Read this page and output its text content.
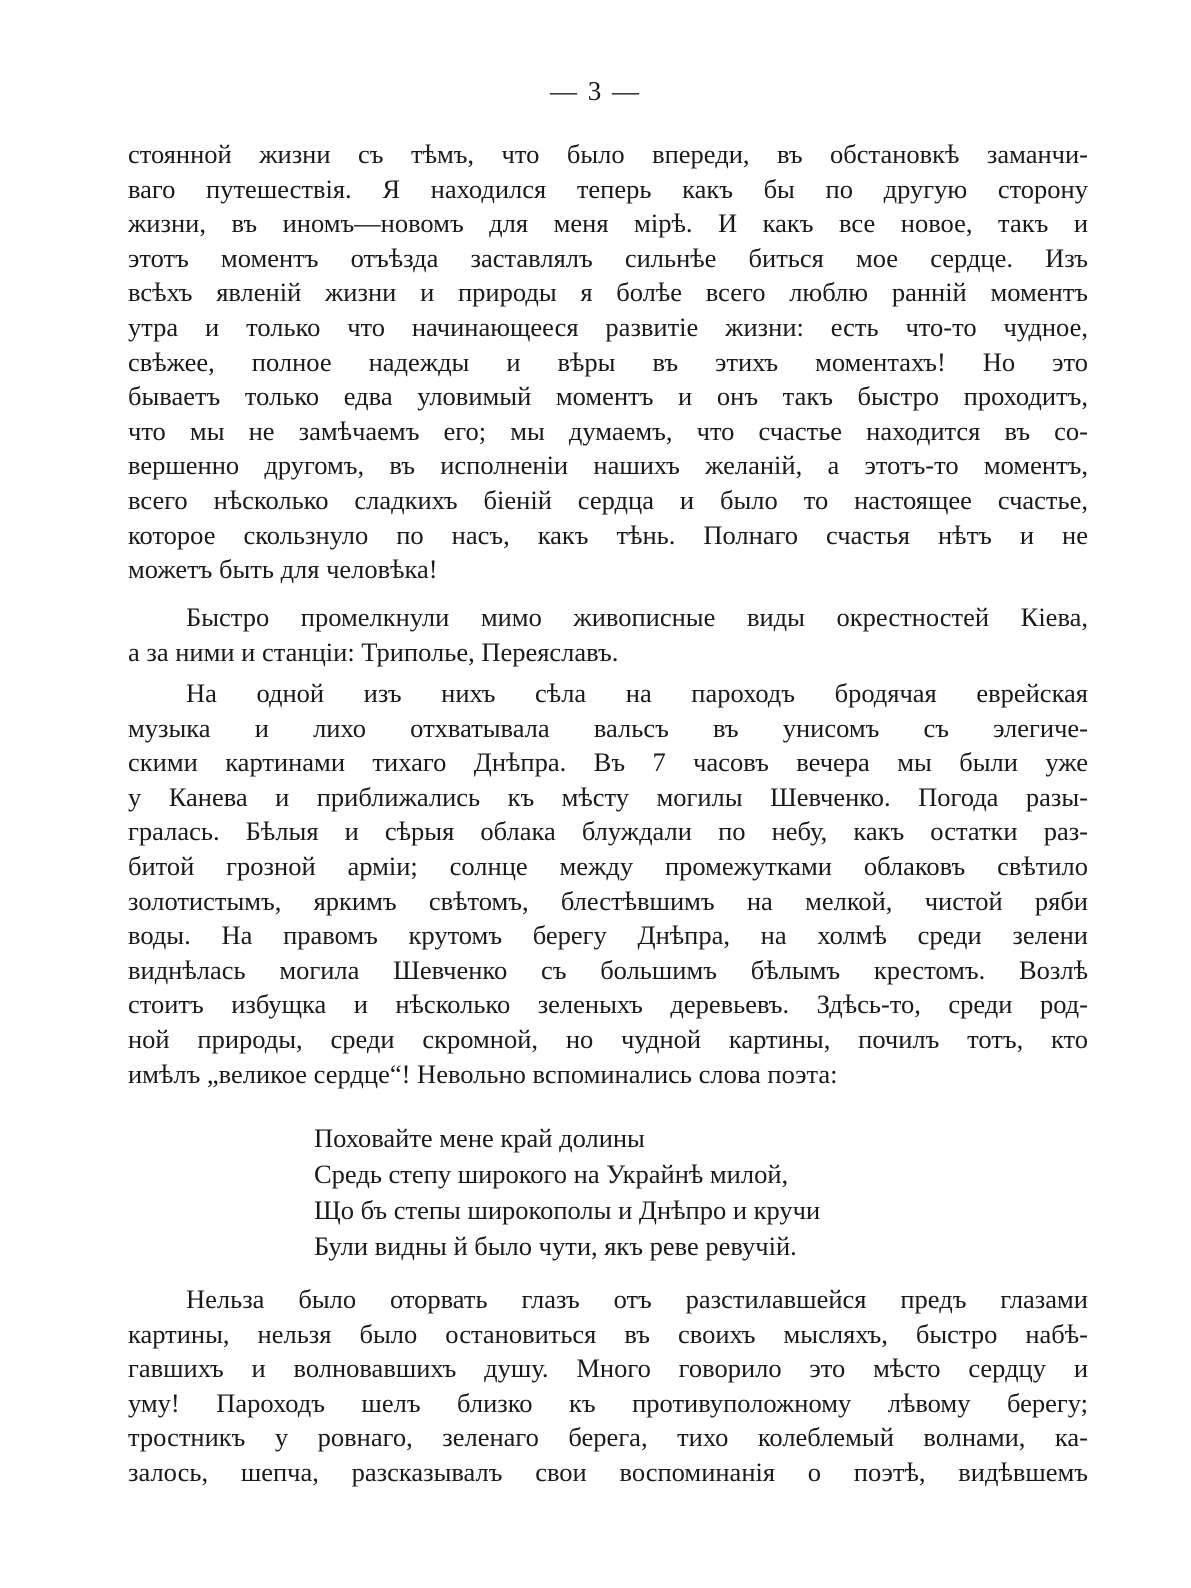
— 3 —
стоянной жизни съ тѣмъ, что было впереди, въ обстановкѣ заманчи-
ваго путешествія. Я находился теперь какъ бы по другую сторону
жизни, въ иномъ—новомъ для меня мірѣ. И какъ все новое, такъ и
этотъ моментъ отъѣзда заставлялъ сильнѣе биться мое сердце. Изъ
всѣхъ явленій жизни и природы я болѣе всего люблю ранній моментъ
утра и только что начинающееся развитіе жизни: есть что-то чудное,
свѣжее, полное надежды и вѣры въ этихъ моментахъ! Но это
бываетъ только едва уловимый моментъ и онъ такъ быстро проходитъ,
что мы не замѣчаемъ его; мы думаемъ, что счастье находится въ со-
вершенно другомъ, въ исполненіи нашихъ желаній, а этотъ-то моментъ,
всего нѣсколько сладкихъ біеній сердца и было то настоящее счастье,
которое скользнуло по насъ, какъ тѣнь. Полнаго счастья нѣтъ и не
можетъ быть для человѣка!
Быстро промелкнули мимо живописные виды окрестностей Кіева,
а за ними и станціи: Триполье, Переяславъ.
На одной изъ нихъ сѣла на пароходъ бродячая еврейская
музыка и лихо отхватывала вальсъ въ унисомъ съ элегиче-
скими картинами тихаго Днѣпра. Въ 7 часовъ вечера мы были уже
у Канева и приближались къ мѣсту могилы Шевченко. Погода разы-
гралась. Бѣлыя и сѣрыя облака блуждали по небу, какъ остатки раз-
битой грозной арміи; солнце между промежутками облаковъ свѣтило
золотистымъ, яркимъ свѣтомъ, блестѣвшимъ на мелкой, чистой ряби
воды. На правомъ крутомъ берегу Днѣпра, на холмѣ среди зелени
виднѣлась могила Шевченко съ большимъ бѣлымъ крестомъ. Возлѣ
стоитъ избущка и нѣсколько зеленыхъ деревьевъ. Здѣсь-то, среди род-
ной природы, среди скромной, но чудной картины, почилъ тотъ, кто
имѣлъ „великое сердце“! Невольно вспоминались слова поэта:
Поховайте мене край долины
Средь степу широкого на Украйнѣ милой,
Що бъ степы широкополы и Днѣпро и кручи
Були видны й было чути, якъ реве ревучій.
Нельза было оторвать глазъ отъ разстилавшейся предъ глазами
картины, нельзя было остановиться въ своихъ мысляхъ, быстро набѣ-
гавшихъ и волновавшихъ душу. Много говорило это мѣсто сердцу и
уму! Пароходъ шелъ близко къ противуположному лѣвому берегу;
тростникъ у ровнаго, зеленаго берега, тихо колеблемый волнами, ка-
залось, шепча, разсказывалъ свои воспоминанія о поэтѣ, видѣвшемъ
